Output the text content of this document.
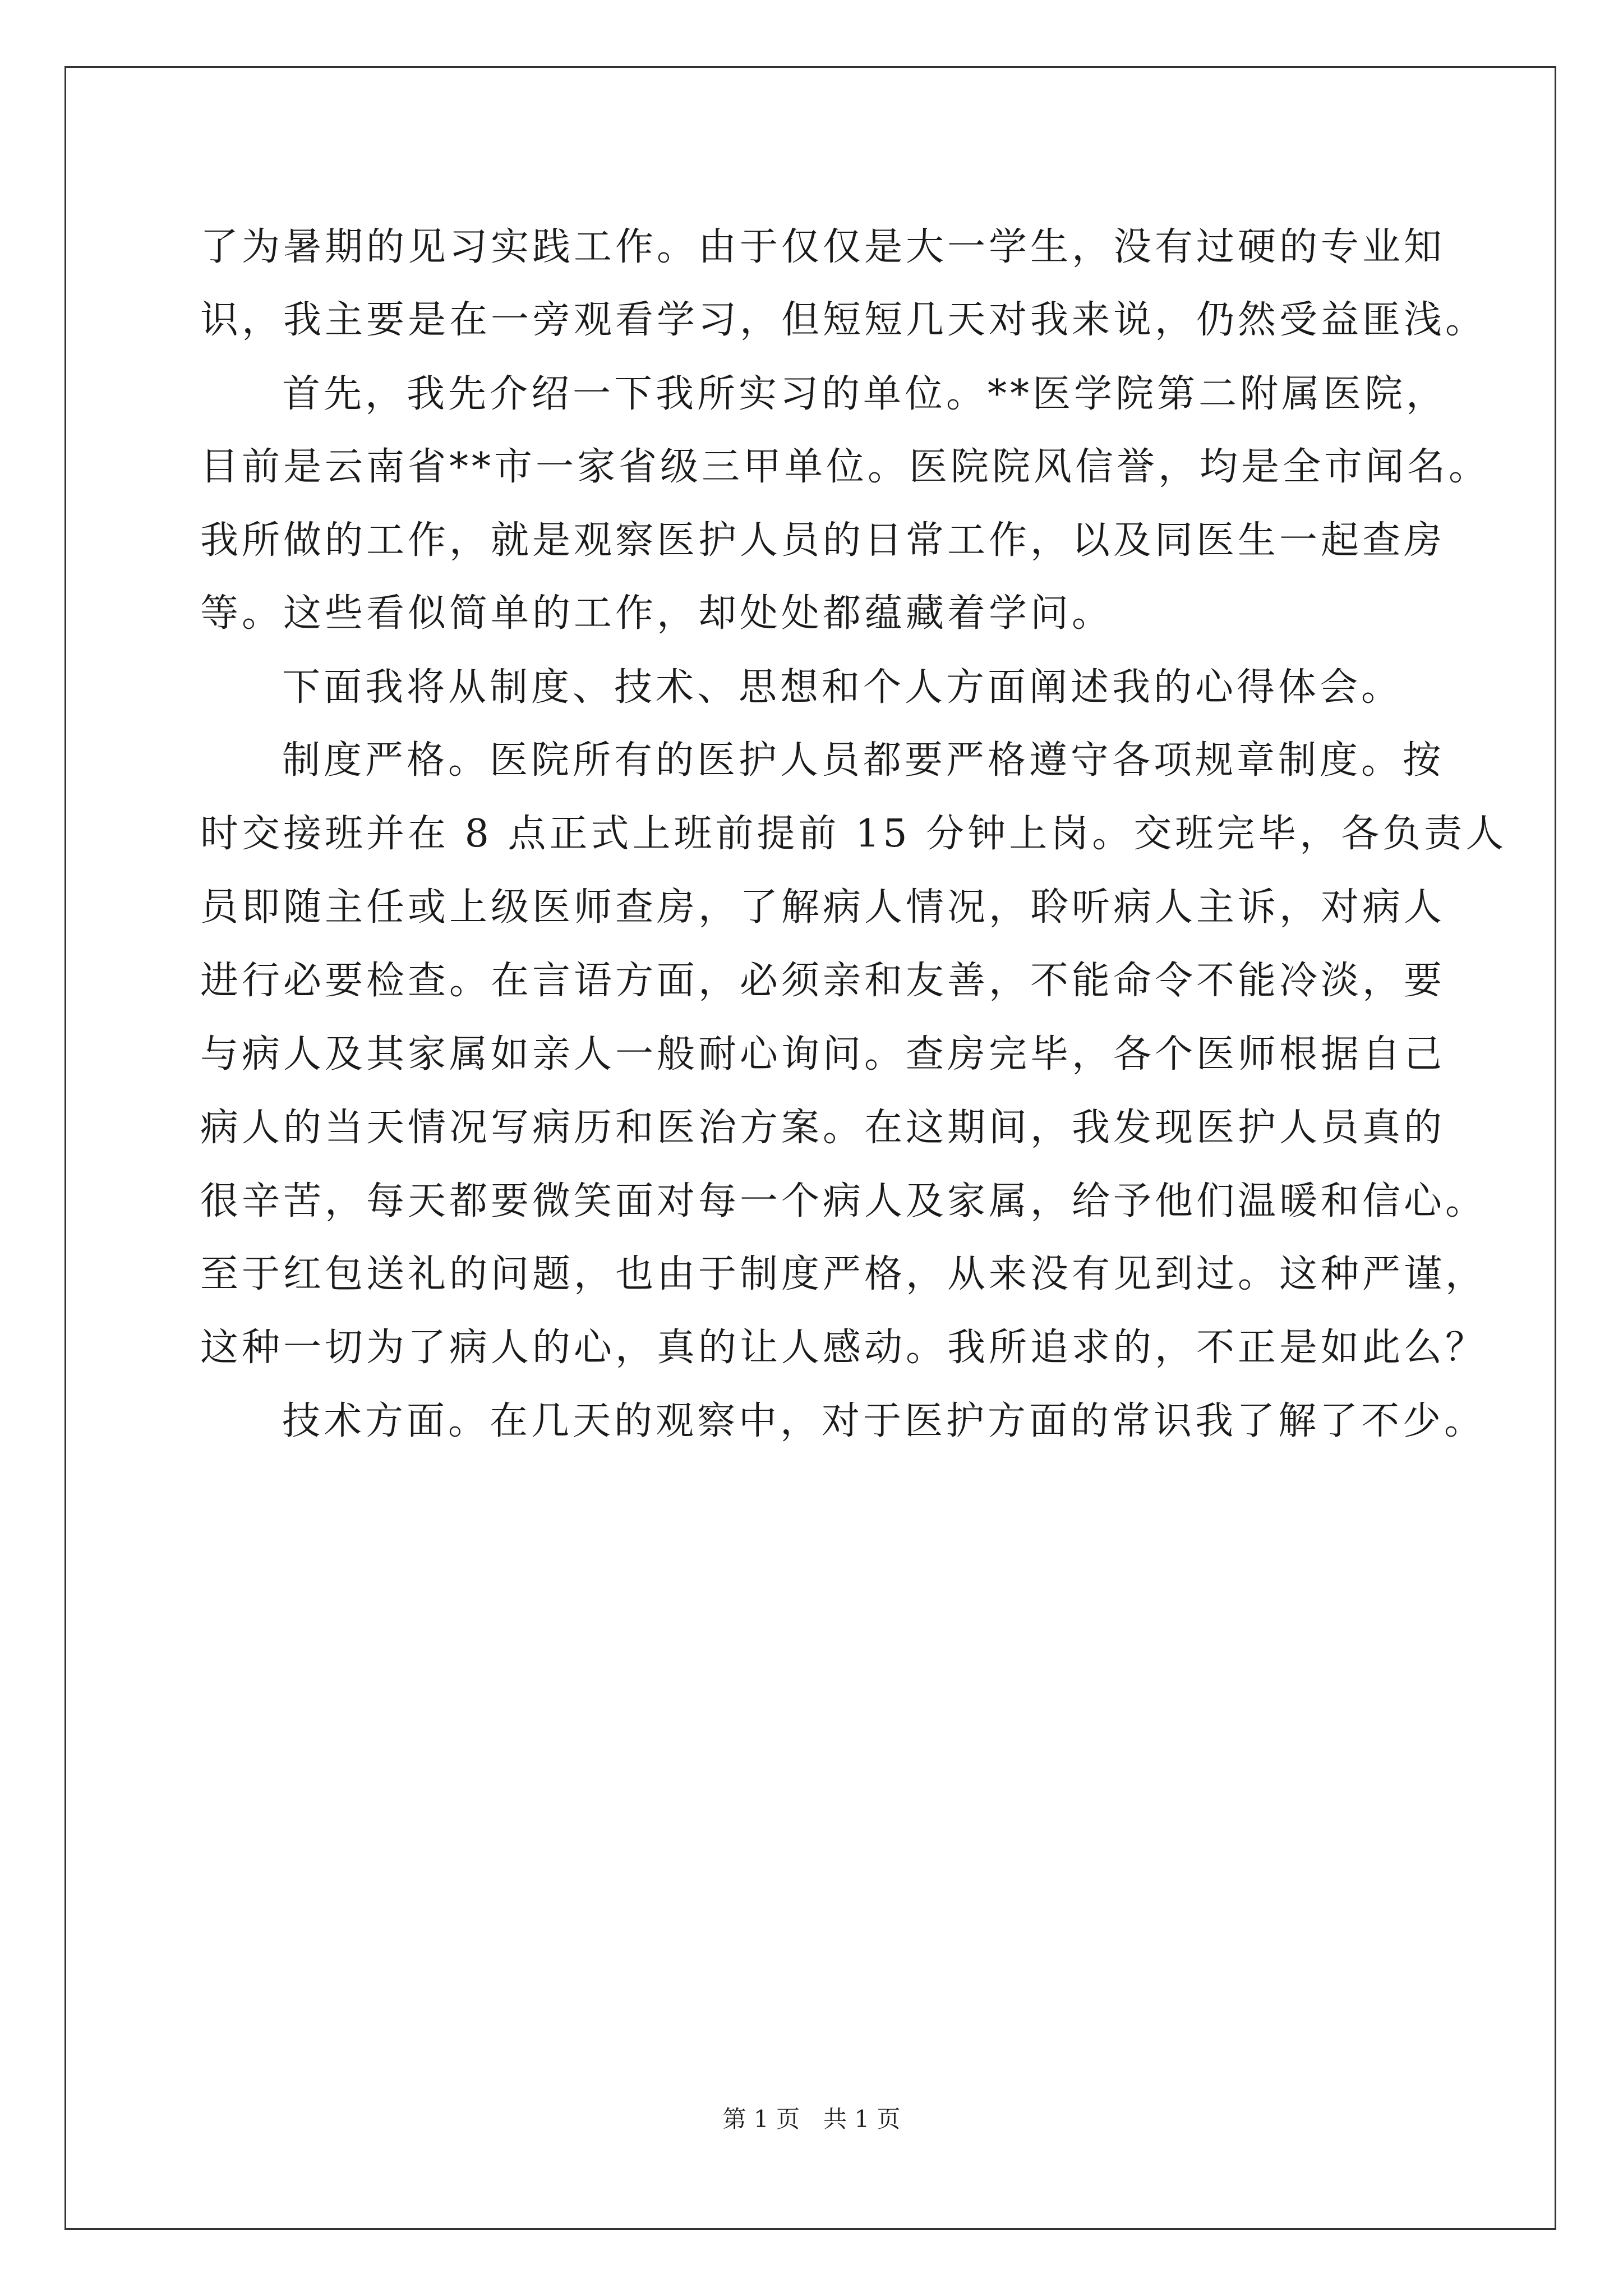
了为暑期的见习实践工作。由于仅仅是大一学生，没有过硬的专业知
识，我主要是在一旁观看学习，但短短几天对我来说，仍然受益匪浅。
首先，我先介绍一下我所实习的单位。**医学院第二附属医院，
目前是云南省**市一家省级三甲单位。医院院风信誉，均是全市闻名。
我所做的工作，就是观察医护人员的日常工作，以及同医生一起查房
等。这些看似简单的工作，却处处都蕴藏着学问。
下面我将从制度、技术、思想和个人方面阐述我的心得体会。
制度严格。医院所有的医护人员都要严格遵守各项规章制度。按
时交接班并在 8 点正式上班前提前 15 分钟上岗。交班完毕，各负责人
员即随主任或上级医师查房，了解病人情况，聆听病人主诉，对病人
进行必要检查。在言语方面，必须亲和友善，不能命令不能冷淡，要
与病人及其家属如亲人一般耐心询问。查房完毕，各个医师根据自己
病人的当天情况写病历和医治方案。在这期间，我发现医护人员真的
很辛苦，每天都要微笑面对每一个病人及家属，给予他们温暖和信心。
至于红包送礼的问题，也由于制度严格，从来没有见到过。这种严谨，
这种一切为了病人的心，真的让人感动。我所追求的，不正是如此么？
技术方面。在几天的观察中，对于医护方面的常识我了解了不少。
第 1 页　共 1 页
